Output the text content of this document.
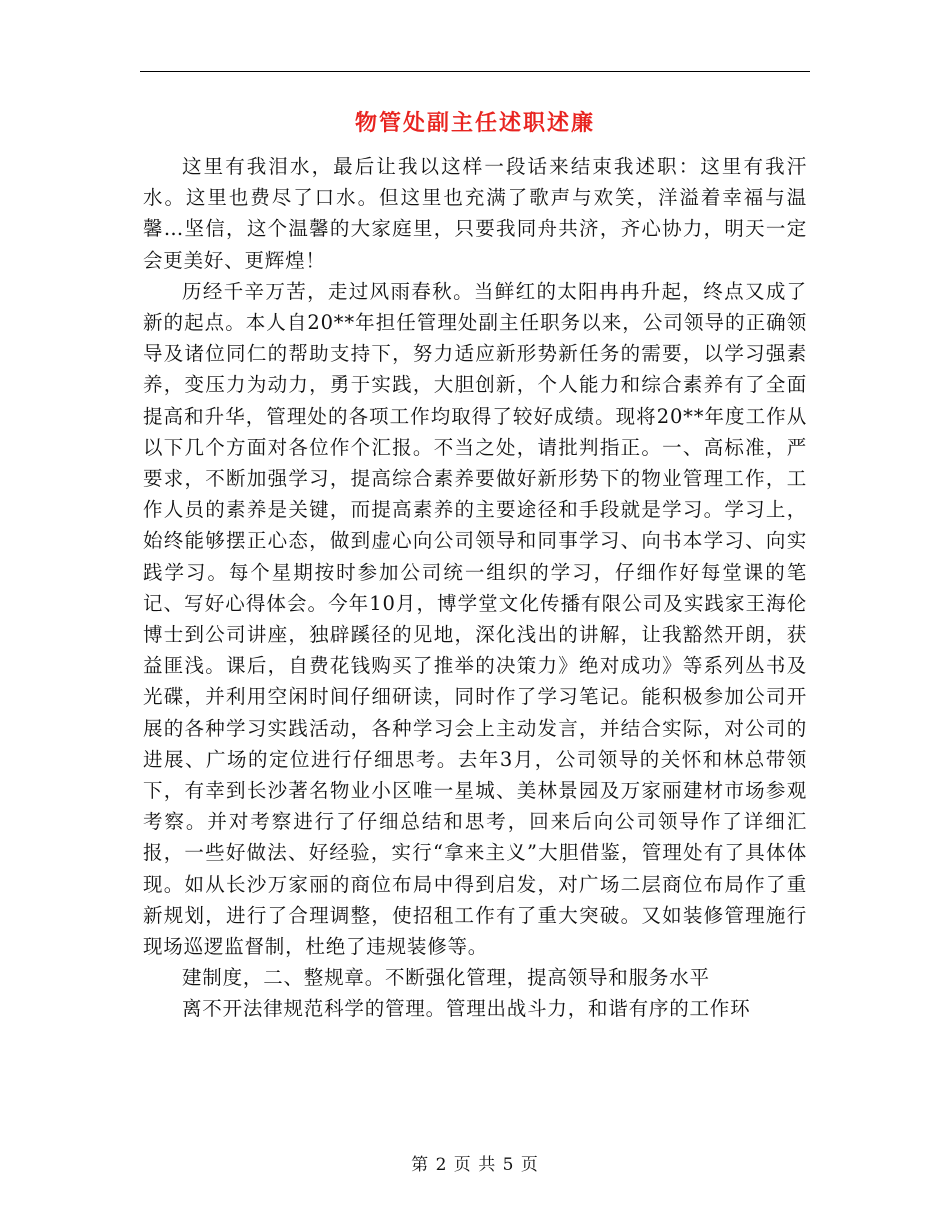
物管处副主任述职述廉

这里有我泪水，最后让我以这样一段话来结束我述职：这里有我汗水。这里也费尽了口水。但这里也充满了歌声与欢笑，洋溢着幸福与温馨…坚信，这个温馨的大家庭里，只要我同舟共济，齐心协力，明天一定会更美好、更辉煌！

历经千辛万苦，走过风雨春秋。当鲜红的太阳冉冉升起，终点又成了新的起点。本人自20**年担任管理处副主任职务以来，公司领导的正确领导及诸位同仁的帮助支持下，努力适应新形势新任务的需要，以学习强素养，变压力为动力，勇于实践，大胆创新，个人能力和综合素养有了全面提高和升华，管理处的各项工作均取得了较好成绩。现将20**年度工作从以下几个方面对各位作个汇报。不当之处，请批判指正。一、高标准，严要求，不断加强学习，提高综合素养要做好新形势下的物业管理工作，工作人员的素养是关键，而提高素养的主要途径和手段就是学习。学习上，始终能够摆正心态，做到虚心向公司领导和同事学习、向书本学习、向实践学习。每个星期按时参加公司统一组织的学习，仔细作好每堂课的笔记、写好心得体会。今年10月，博学堂文化传播有限公司及实践家王海伦博士到公司讲座，独辟蹊径的见地，深化浅出的讲解，让我豁然开朗，获益匪浅。课后，自费花钱购买了推举的决策力》绝对成功》等系列丛书及光碟，并利用空闲时间仔细研读，同时作了学习笔记。能积极参加公司开展的各种学习实践活动，各种学习会上主动发言，并结合实际，对公司的进展、广场的定位进行仔细思考。去年3月，公司领导的关怀和林总带领下，有幸到长沙著名物业小区唯一星城、美林景园及万家丽建材市场参观考察。并对考察进行了仔细总结和思考，回来后向公司领导作了详细汇报，一些好做法、好经验，实行“拿来主义”大胆借鉴，管理处有了具体体现。如从长沙万家丽的商位布局中得到启发，对广场二层商位布局作了重新规划，进行了合理调整，使招租工作有了重大突破。又如装修管理施行现场巡逻监督制，杜绝了违规装修等。

建制度，二、整规章。不断强化管理，提高领导和服务水平

离不开法律规范科学的管理。管理出战斗力，和谐有序的工作环

第 2 页 共 5 页
